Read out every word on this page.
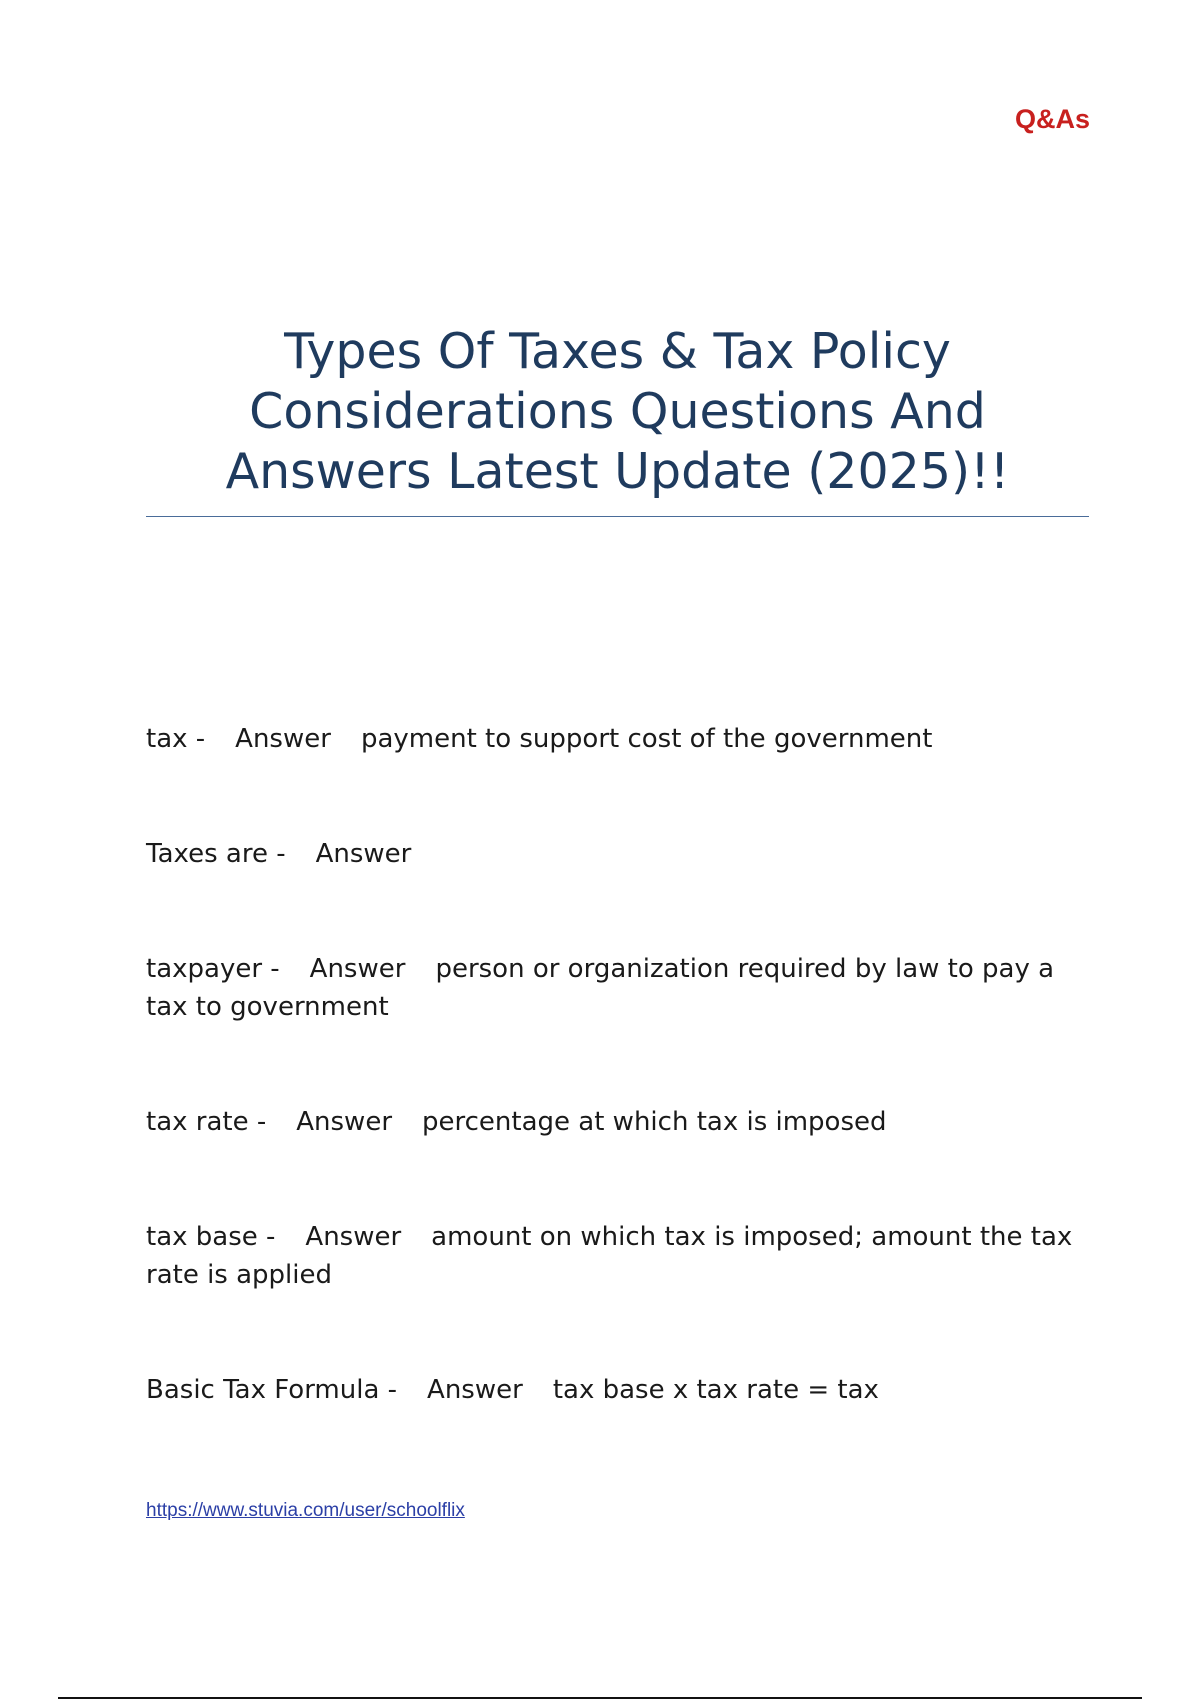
Q&As
Types Of Taxes & Tax Policy Considerations Questions And Answers Latest Update (2025)!!

tax - Answer payment to support cost of the government

Taxes are - Answer

taxpayer - Answer person or organization required by law to pay a tax to government

tax rate - Answer percentage at which tax is imposed

tax base - Answer amount on which tax is imposed; amount the tax rate is applied

Basic Tax Formula - Answer tax base x tax rate = tax

https://www.stuvia.com/user/schoolflix
